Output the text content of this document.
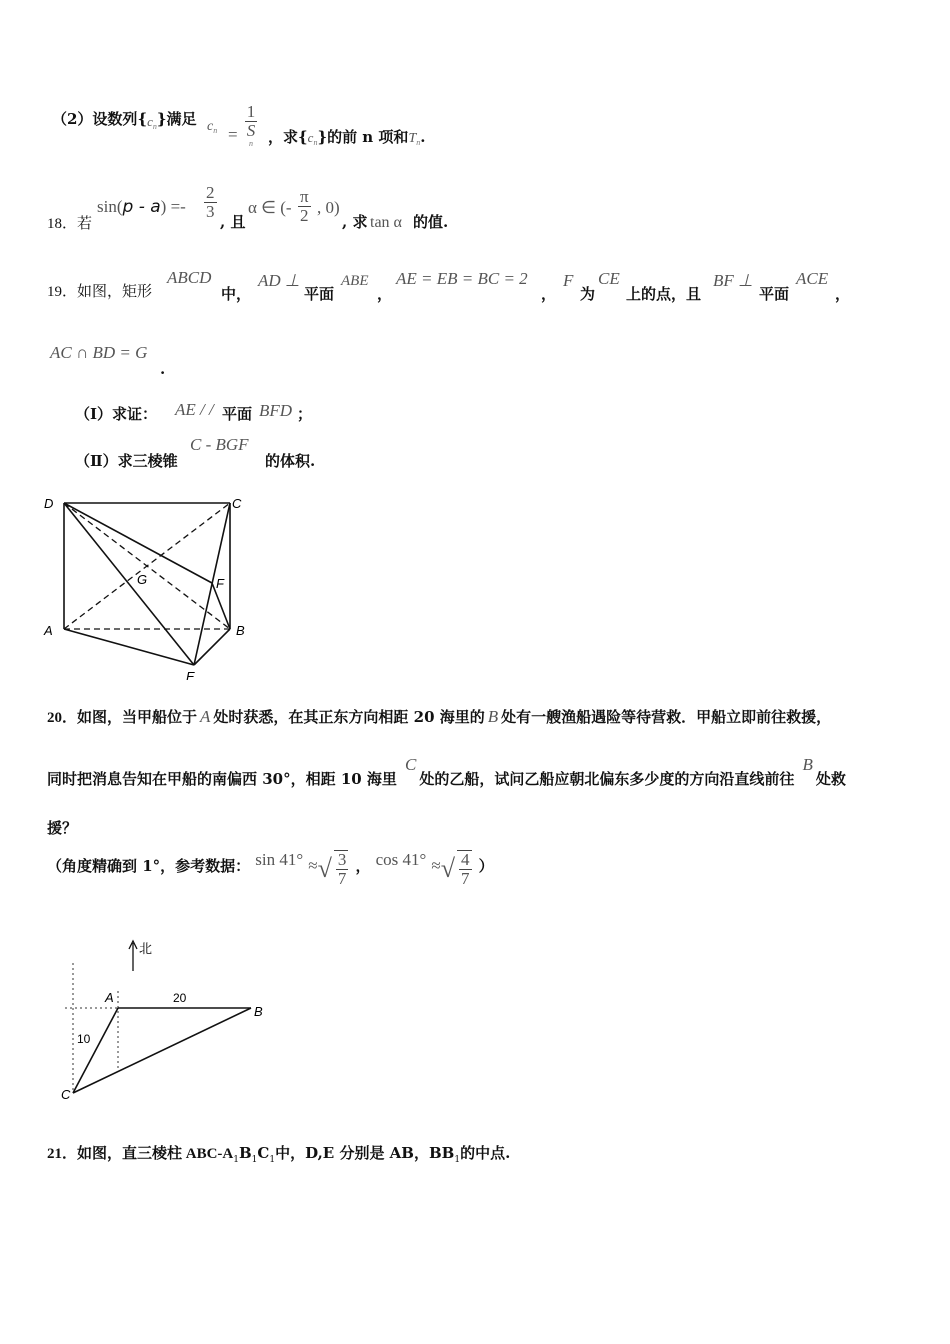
（2）设数列$\{_{c_n}\}$满足 $c_n = 1$
S
n ，求$\{c_n\}$的前 n 项和$T_n$.
18．若
$\sin(p - a) =- \frac{2}{3}$
, 且
α ∈ (- $\frac{\pi}{2}$ , 0)
, 求 tan α 的值.
19．如图，矩形
ABCD
中，
AD ⊥
平面
ABE
，
AE = EB = BC = 2
，
F
为
CE
上的点，且
BF ⊥
平面
ACE
，
AC ∩ BD = G
.
（Ⅰ）求证： AE / / 平面 BFD ；
（Ⅱ）求三棱锥
C - BGF
的体积.
D	C
A	B
E
F
G
20．如图，当甲船位于 A 处时获悉，在其正东方向相距 20 海里的 B 处有一艘渔船遇险等待营救．甲船立即前往救援，
同时把消息告知在甲船的南偏西 30°，相距 10 海里 C处的乙船，试问乙船应朝北偏东多少度的方向沿直线前往 B处救
援？
（角度精确到 1°，参考数据： sin 41° ≈√ $\frac{3}{7}$ ， cos 41° ≈√ $\frac{4}{7}$ ）
北
A
B
C
20
10
21．如图，直三棱柱 ABC-$A_1B_1C_1$中，D,E 分别是 AB，$BB_1$的中点.
